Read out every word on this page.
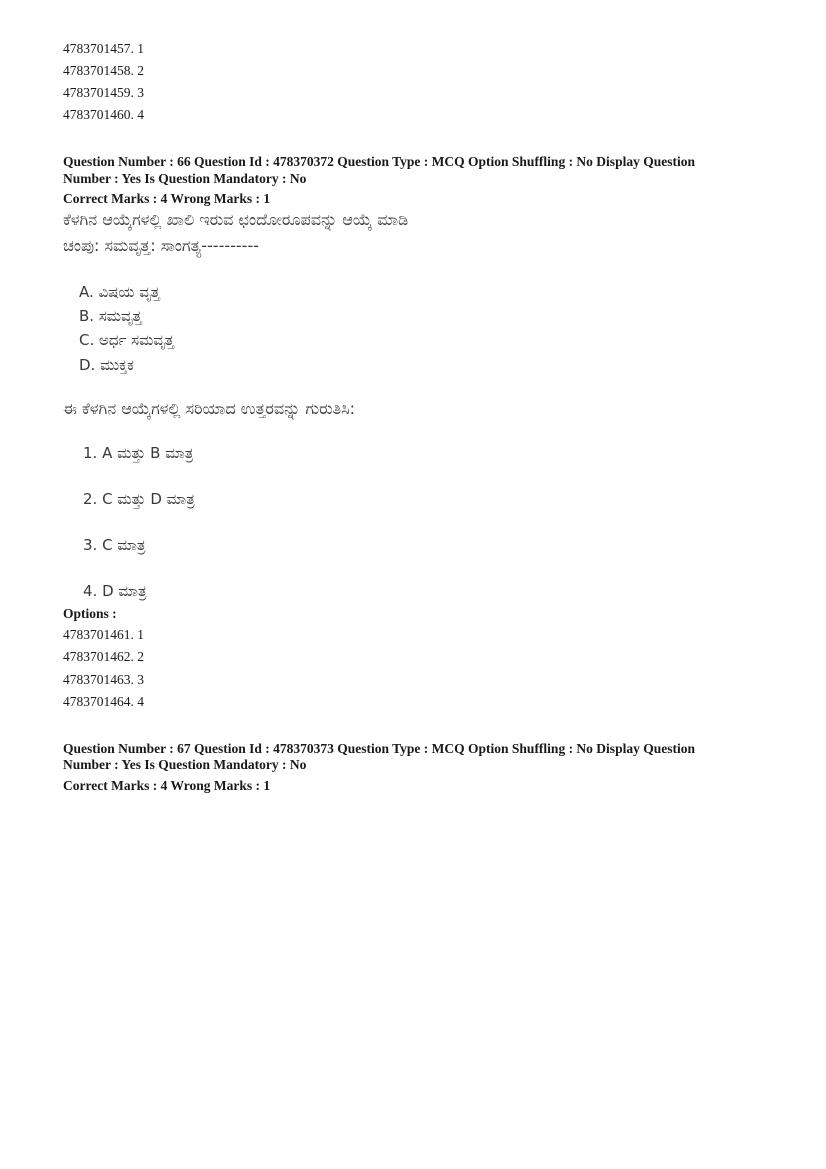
4783701457. 1
4783701458. 2
4783701459. 3
4783701460. 4
Question Number : 66 Question Id : 478370372 Question Type : MCQ Option Shuffling : No Display Question
Number : Yes Is Question Mandatory : No
Correct Marks : 4 Wrong Marks : 1
ಕೆಳಗಿನ ಆಯ್ಕೆಗಳಲ್ಲಿ ಖಾಲಿ ಇರುವ ಛಂದೋರೂಪವನ್ನು ಆಯ್ಕೆ ಮಾಡಿ
ಚಂಪು: ಸಮವೃತ್ತ: ಸಾಂಗತ್ಯ----------
A. ವಿಷಯ ವೃತ್ತ
B. ಸಮವೃತ್ತ
C. ಅರ್ಧ ಸಮವೃತ್ತ
D. ಮುಕ್ತಕ
ಈ ಕೆಳಗಿನ ಆಯ್ಕೆಗಳಲ್ಲಿ ಸರಿಯಾದ ಉತ್ತರವನ್ನು ಗುರುತಿಸಿ:
1. A ಮತ್ತು B ಮಾತ್ರ
2. C ಮತ್ತು D ಮಾತ್ರ
3. C ಮಾತ್ರ
4. D ಮಾತ್ರ
Options :
4783701461. 1
4783701462. 2
4783701463. 3
4783701464. 4
Question Number : 67 Question Id : 478370373 Question Type : MCQ Option Shuffling : No Display Question
Number : Yes Is Question Mandatory : No
Correct Marks : 4 Wrong Marks : 1
